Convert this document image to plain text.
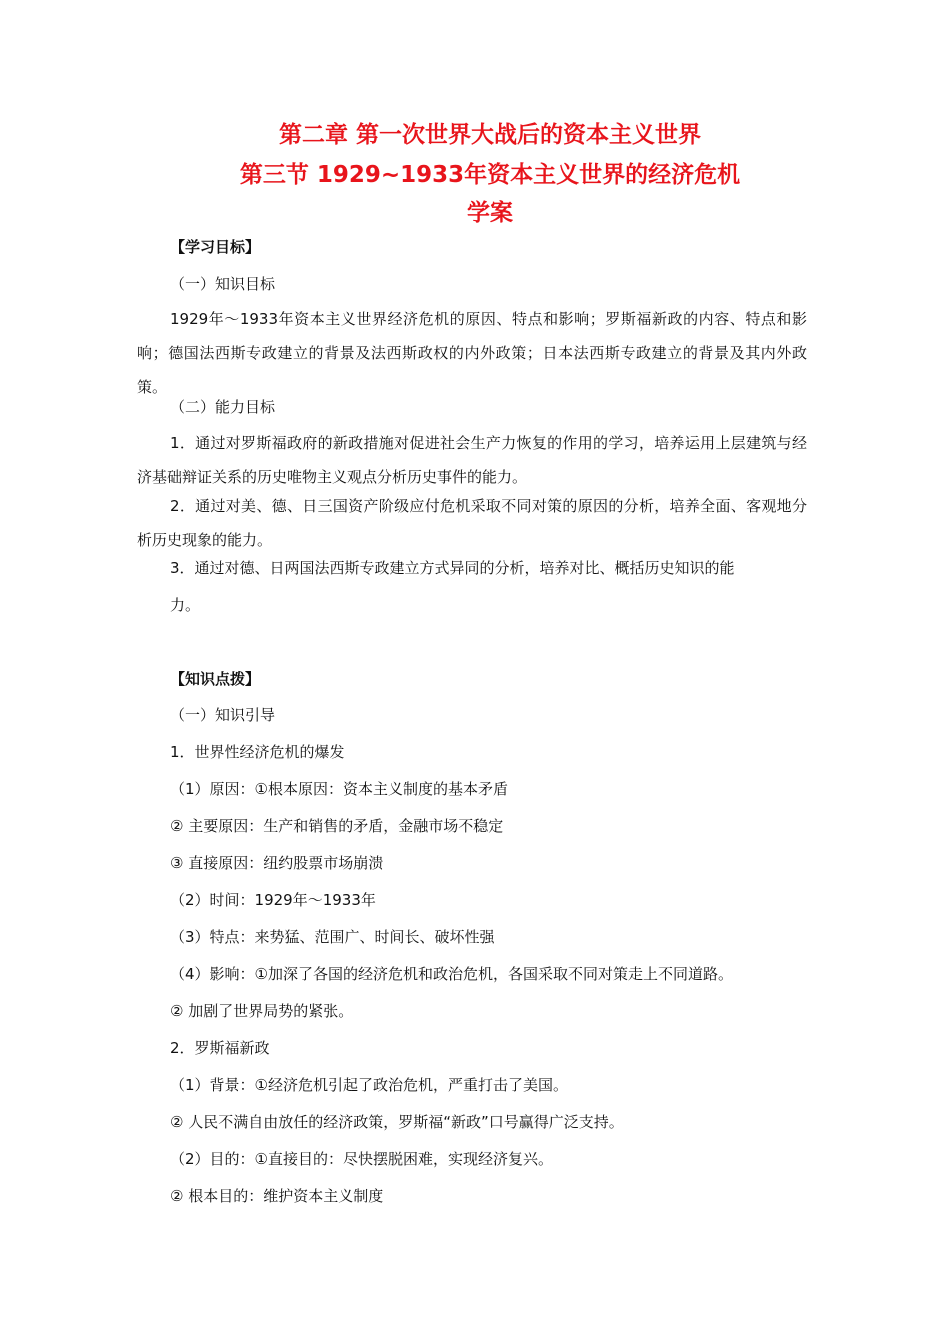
第二章 第一次世界大战后的资本主义世界
第三节 1929~1933年资本主义世界的经济危机
学案
【学习目标】
（一）知识目标
1929年～1933年资本主义世界经济危机的原因、特点和影响；罗斯福新政的内容、特点和影响；德国法西斯专政建立的背景及法西斯政权的内外政策；日本法西斯专政建立的背景及其内外政策。
（二）能力目标
1．通过对罗斯福政府的新政措施对促进社会生产力恢复的作用的学习，培养运用上层建筑与经济基础辩证关系的历史唯物主义观点分析历史事件的能力。
2．通过对美、德、日三国资产阶级应付危机采取不同对策的原因的分析，培养全面、客观地分析历史现象的能力。
3．通过对德、日两国法西斯专政建立方式异同的分析，培养对比、概括历史知识的能
力。
【知识点拨】
（一）知识引导
1．世界性经济危机的爆发
（1）原因：①根本原因：资本主义制度的基本矛盾
② 主要原因：生产和销售的矛盾，金融市场不稳定
③ 直接原因：纽约股票市场崩溃
（2）时间：1929年～1933年
（3）特点：来势猛、范围广、时间长、破坏性强
（4）影响：①加深了各国的经济危机和政治危机，各国采取不同对策走上不同道路。
② 加剧了世界局势的紧张。
2．罗斯福新政
（1）背景：①经济危机引起了政治危机，严重打击了美国。
② 人民不满自由放任的经济政策，罗斯福“新政”口号赢得广泛支持。
（2）目的：①直接目的：尽快摆脱困难，实现经济复兴。
② 根本目的：维护资本主义制度
